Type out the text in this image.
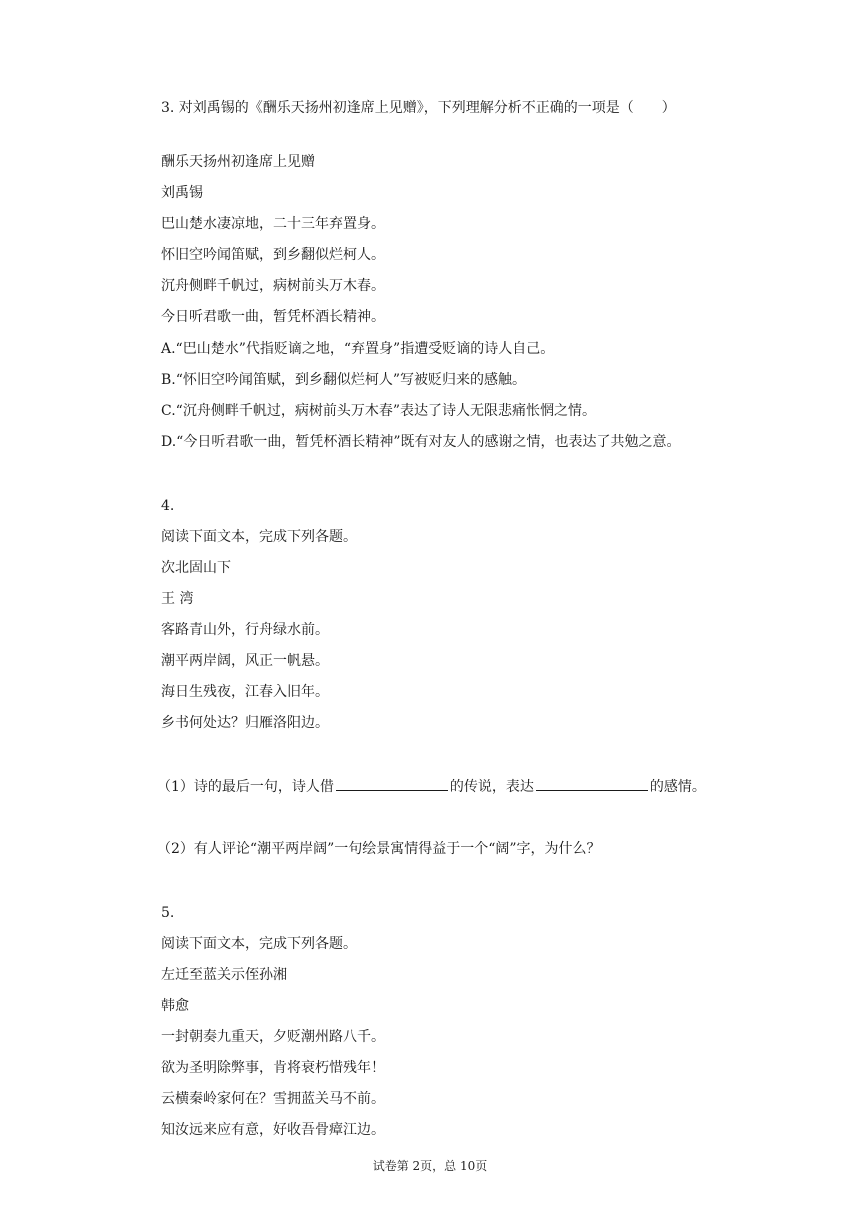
3. 对刘禹锡的《酬乐天扬州初逢席上见赠》，下列理解分析不正确的一项是（　　）
酬乐天扬州初逢席上见赠
刘禹锡
巴山楚水凄凉地，二十三年弃置身。
怀旧空吟闻笛赋，到乡翻似烂柯人。
沉舟侧畔千帆过，病树前头万木春。
今日听君歌一曲，暂凭杯酒长精神。
A.“巴山楚水”代指贬谪之地，“弃置身”指遭受贬谪的诗人自己。
B.“怀旧空吟闻笛赋，到乡翻似烂柯人”写被贬归来的感触。
C.“沉舟侧畔千帆过，病树前头万木春”表达了诗人无限悲痛怅惘之情。
D.“今日听君歌一曲，暂凭杯酒长精神”既有对友人的感谢之情，也表达了共勉之意。
4.
阅读下面文本，完成下列各题。
次北固山下
王 湾
客路青山外，行舟绿水前。
潮平两岸阔，风正一帆悬。
海日生残夜，江春入旧年。
乡书何处达？归雁洛阳边。
（1）诗的最后一句，诗人借	的传说，表达	的感情。
（2）有人评论“潮平两岸阔”一句绘景寓情得益于一个“阔”字，为什么？
5.
阅读下面文本，完成下列各题。
左迁至蓝关示侄孙湘
韩愈
一封朝奏九重天，夕贬潮州路八千。
欲为圣明除弊事，肯将衰朽惜残年！
云横秦岭家何在？雪拥蓝关马不前。
知汝远来应有意，好收吾骨瘴江边。
试卷第 2页，总 10页
